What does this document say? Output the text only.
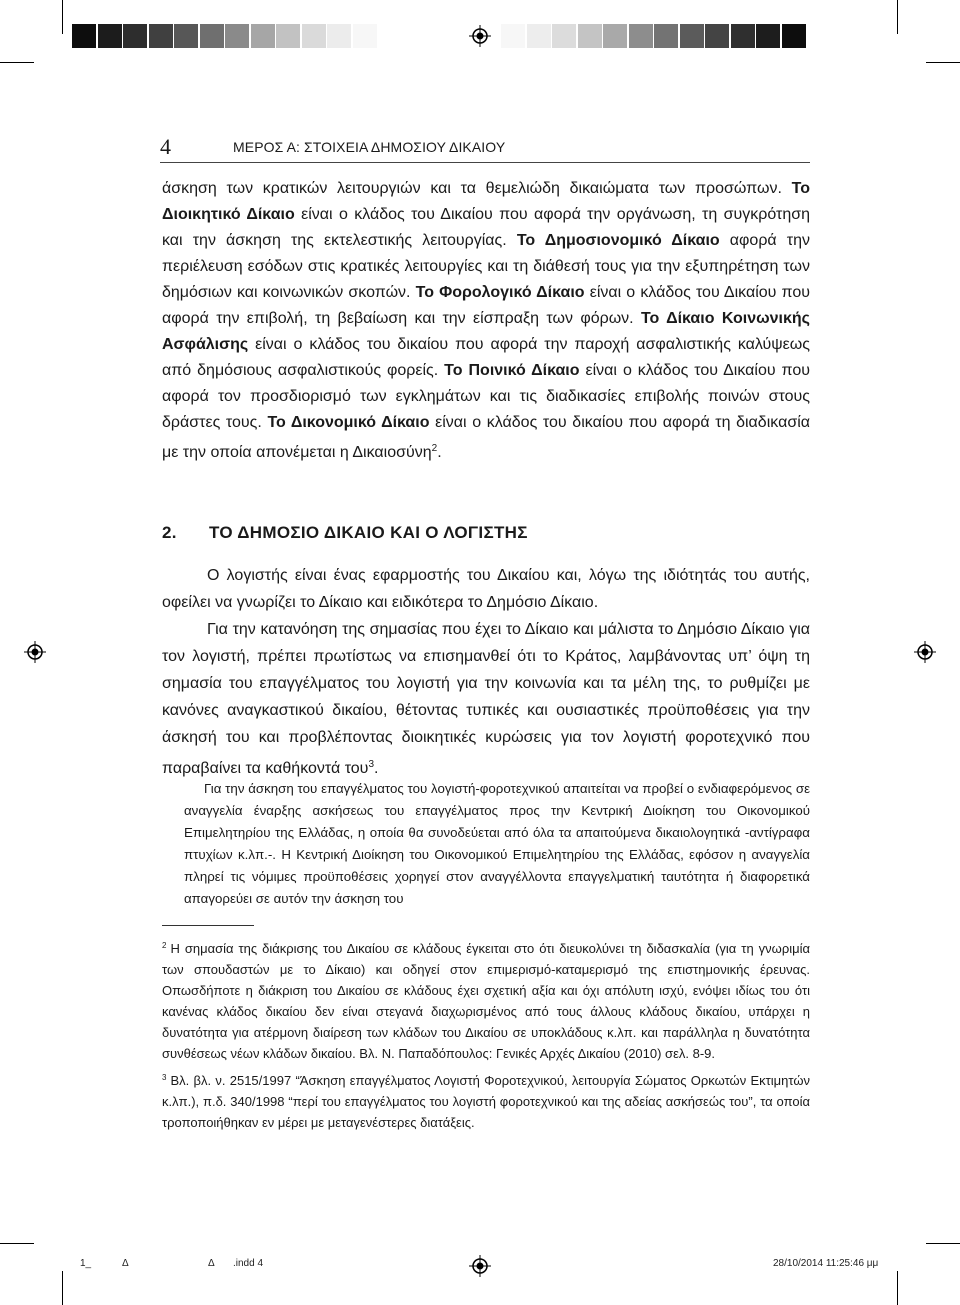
4	ΜΕΡΟΣ Α: ΣΤΟΙΧΕΙΑ ΔΗΜΟΣΙΟΥ ΔΙΚΑΙΟΥ

άσκηση των κρατικών λειτουργιών και τα θεμελιώδη δικαιώματα των προσώπων. Το Διοικητικό Δίκαιο είναι ο κλάδος του Δικαίου που αφορά την οργάνωση, τη συγκρότηση και την άσκηση της εκτελεστικής λειτουργίας. Το Δημοσιονομικό Δίκαιο αφορά την περιέλευση εσόδων στις κρατικές λειτουργίες και τη διάθεσή τους για την εξυπηρέτηση των δημόσιων και κοινωνικών σκοπών. Το Φορολογικό Δίκαιο είναι ο κλάδος του Δικαίου που αφορά την επιβολή, τη βεβαίωση και την είσπραξη των φόρων. Το Δίκαιο Κοινωνικής Ασφάλισης είναι ο κλάδος του δικαίου που αφορά την παροχή ασφαλιστικής καλύψεως από δημόσιους ασφαλιστικούς φορείς. Το Ποινικό Δίκαιο είναι ο κλάδος του Δικαίου που αφορά τον προσδιορισμό των εγκλημάτων και τις διαδικασίες επιβολής ποινών στους δράστες τους. Το Δικονομικό Δίκαιο είναι ο κλάδος του δικαίου που αφορά τη διαδικασία με την οποία απονέμεται η Δικαιοσύνη$^2$.

2. ΤΟ ΔΗΜΟΣΙΟ ΔΙΚΑΙΟ ΚΑΙ Ο ΛΟΓΙΣΤΗΣ

Ο λογιστής είναι ένας εφαρμοστής του Δικαίου και, λόγω της ιδιότητάς του αυτής, οφείλει να γνωρίζει το Δίκαιο και ειδικότερα το Δημόσιο Δίκαιο.

Για την κατανόηση της σημασίας που έχει το Δίκαιο και μάλιστα το Δημόσιο Δίκαιο για τον λογιστή, πρέπει πρωτίστως να επισημανθεί ότι το Κράτος, λαμβάνοντας υπ’ όψη τη σημασία του επαγγέλματος του λογιστή για την κοινωνία και τα μέλη της, το ρυθμίζει με κανόνες αναγκαστικού δικαίου, θέτοντας τυπικές και ουσιαστικές προϋποθέσεις για την άσκησή του και προβλέποντας διοικητικές κυρώσεις για τον λογιστή φοροτεχνικό που παραβαίνει τα καθήκοντά του$^3$.

Για την άσκηση του επαγγέλματος του λογιστή-φοροτεχνικού απαιτείται να προβεί ο ενδιαφερόμενος σε αναγγελία έναρξης ασκήσεως του επαγγέλματος προς την Κεντρική Διοίκηση του Οικονομικού Επιμελητηρίου της Ελλάδας, η οποία θα συνοδεύεται από όλα τα απαιτούμενα δικαιολογητικά -αντίγραφα πτυχίων κ.λπ.-. Η Κεντρική Διοίκηση του Οικονομικού Επιμελητηρίου της Ελλάδας, εφόσον η αναγγελία πληρεί τις νόμιμες προϋποθέσεις χορηγεί στον αναγγέλλοντα επαγγελματική ταυτότητα ή διαφορετικά απαγορεύει σε αυτόν την άσκηση του

$^2$ Η σημασία της διάκρισης του Δικαίου σε κλάδους έγκειται στο ότι διευκολύνει τη διδασκαλία (για τη γνωριμία των σπουδαστών με το Δίκαιο) και οδηγεί στον επιμερισμό-καταμερισμό της επιστημονικής έρευνας. Οπωσδήποτε η διάκριση του Δικαίου σε κλάδους έχει σχετική αξία και όχι απόλυτη ισχύ, ενόψει ιδίως του ότι κανένας κλάδος δικαίου δεν είναι στεγανά διαχωρισμένος από τους άλλους κλάδους δικαίου, υπάρχει η δυνατότητα για ατέρμονη διαίρεση των κλάδων του Δικαίου σε υποκλάδους κ.λπ. και παράλληλα η δυνατότητα συνθέσεως νέων κλάδων δικαίου. Βλ. Ν. Παπαδόπουλος: Γενικές Αρχές Δικαίου (2010) σελ. 8-9.

$^3$ Βλ. βλ. ν. 2515/1997 “Άσκηση επαγγέλματος Λογιστή Φοροτεχνικού, λειτουργία Σώματος Ορκωτών Εκτιμητών κ.λπ.), π.δ. 340/1998 “περί του επαγγέλματος του λογιστή φοροτεχνικού και της αδείας ασκήσεώς του”, τα οποία τροποποιήθηκαν εν μέρει με μεταγενέστερες διατάξεις.

1_	Δ	Δ .indd 4	28/10/2014 11:25:46 μμ
